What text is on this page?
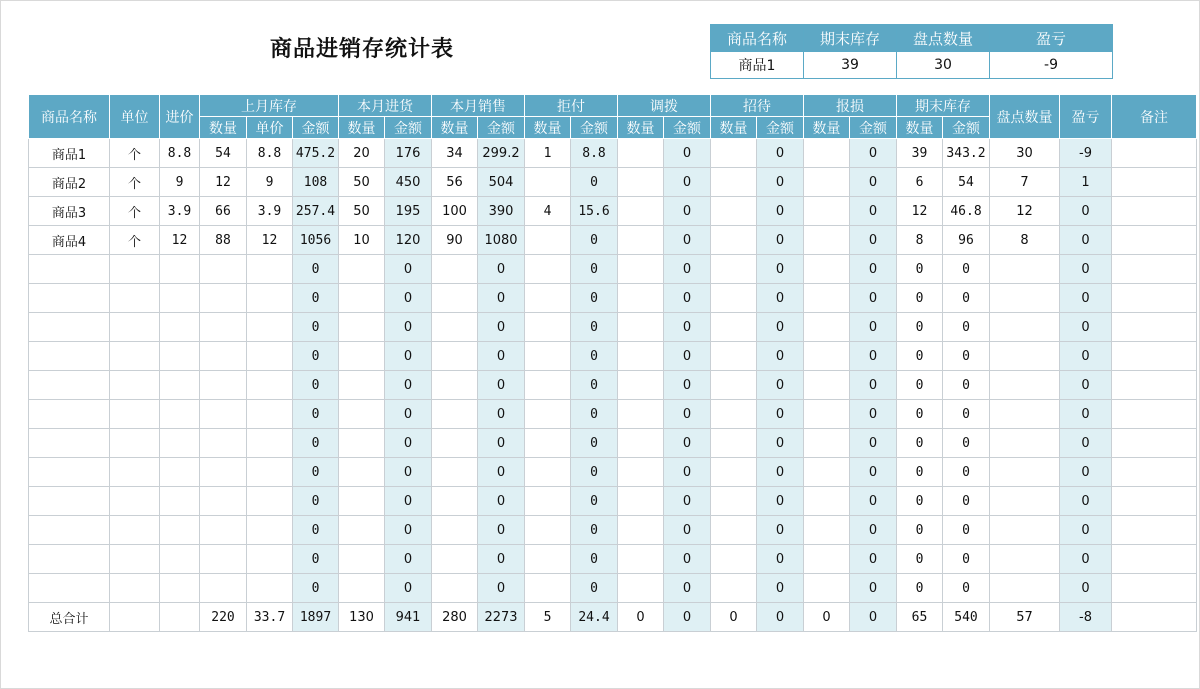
商品进销存统计表	商品名称	期末库存	盘点数量	盈亏
商品1	39	30	-9
商品名称	单位	进价	上月库存			本月进货		本月销售		拒付		调拨		招待		报损		期末库存		盘点数量	盈亏	备注
			数量	单价	金额	数量	金额	数量	金额	数量	金额	数量	金额	数量	金额	数量	金额	数量	金额			
商品1	个	8.8	54	8.8	475.2	20	176	34	299.2	1	8.8		0		0		0	39	343.2	30	-9	
商品2	个	9	12	9	108	50	450	56	504		0		0		0		0	6	54	7	1	
商品3	个	3.9	66	3.9	257.4	50	195	100	390	4	15.6		0		0		0	12	46.8	12	0	
商品4	个	12	88	12	1056	10	120	90	1080		0		0		0		0	8	96	8	0	
					0		0		0		0		0		0		0	0	0		0	
					0		0		0		0		0		0		0	0	0		0	
					0		0		0		0		0		0		0	0	0		0	
					0		0		0		0		0		0		0	0	0		0	
					0		0		0		0		0		0		0	0	0		0	
					0		0		0		0		0		0		0	0	0		0	
					0		0		0		0		0		0		0	0	0		0	
					0		0		0		0		0		0		0	0	0		0	
					0		0		0		0		0		0		0	0	0		0	
					0		0		0		0		0		0		0	0	0		0	
					0		0		0		0		0		0		0	0	0		0	
					0		0		0		0		0		0		0	0	0		0	
总合计			220	33.7	1897	130	941	280	2273	5	24.4	0	0	0	0	0	0	65	540	57	-8	
